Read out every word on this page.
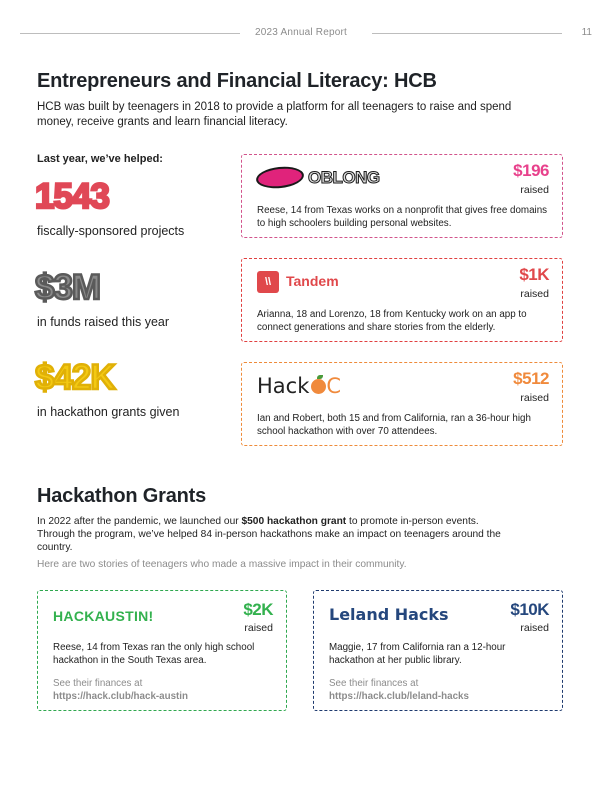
2023 Annual Report	11
Entrepreneurs and Financial Literacy: HCB

HCB was built by teenagers in 2018 to provide a platform for all teenagers to raise and spend money, receive grants and learn financial literacy.

Last year, we’ve helped:
1543
fiscally-sponsored projects
$3M
in funds raised this year
$42K
in hackathon grants given
OBLONG	$196
raised
Reese, 14 from Texas works on a nonprofit that gives free domains to high schoolers building personal websites.
\\	Tandem	$1K
raised
Arianna, 18 and Lorenzo, 18 from Kentucky work on an app to connect generations and share stories from the elderly.
Hack C	$512
raised
Ian and Robert, both 15 and from California, ran a 36-hour high school hackathon with over 70 attendees.
Hackathon Grants

In 2022 after the pandemic, we launched our $500 hackathon grant to promote in-person events. Through the program, we’ve helped 84 in-person hackathons make an impact on teenagers around the country.

Here are two stories of teenagers who made a massive impact in their community.
HACKAUSTIN!	$2K
raised
Reese, 14 from Texas ran the only high school hackathon in the South Texas area.
See their finances at
https://hack.club/hack-austin
Leland Hacks	$10K
raised
Maggie, 17 from California ran a 12-hour hackathon at her public library.
See their finances at
https://hack.club/leland-hacks
